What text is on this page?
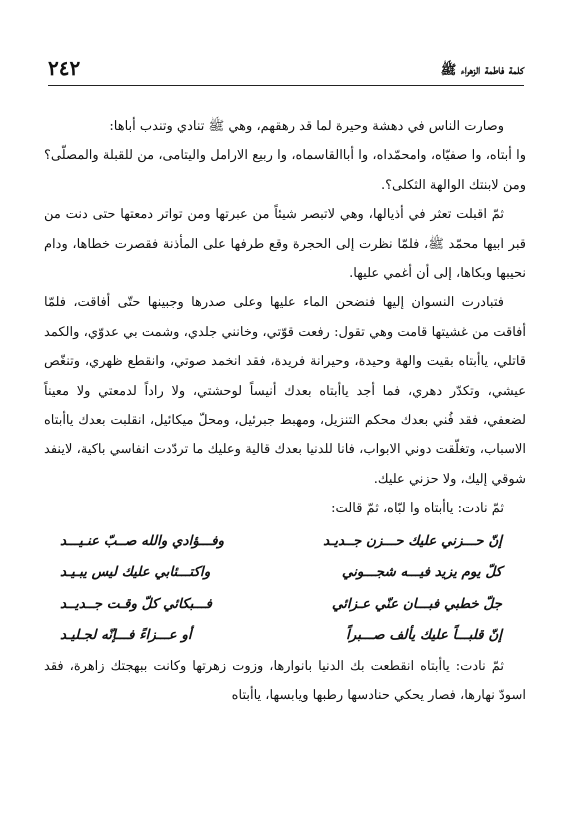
٢٤٢	كلمة فاطمة الزهراء ﷺ

وصارت الناس في دهشة وحيرة لما قد رهقهم، وهي ﷺ تنادي وتندب أباها:

وا أبتاه، وا صفيّاه، وامحمّداه، وا أباالقاسماه، وا ربيع الارامل واليتامى، من للقبلة والمصلّى؟ ومن لابنتك الوالهة الثكلى؟.

ثمّ اقبلت تعثر في أذيالها، وهي لاتبصر شيئاً من عبرتها ومن تواتر دمعتها حتى دنت من قبر ابيها محمّد ﷺ، فلمّا نظرت إلى الحجرة وقع طرفها على المأذنة فقصرت خطاها، ودام نحيبها وبكاها، إلى أن أغمي عليها.

فتبادرت النسوان إليها فنضحن الماء عليها وعلى صدرها وجبينها حتّى أفاقت، فلمّا أفاقت من غشيتها قامت وهي تقول: رفعت قوّتي، وخانني جلدي، وشمت بي عدوّي، والكمد قاتلي، ياأبتاه بقيت والهة وحيدة، وحيرانة فريدة، فقد انخمد صوتي، وانقطع ظهري، وتنغّص عيشي، وتكدّر دهري، فما أجد ياأبتاه بعدك أنيساً لوحشتي، ولا راداً لدمعتي ولا معيناً لضعفي، فقد فُني بعدك محكم التنزيل، ومهبط جبرئيل، ومحلّ ميكائيل، انقلبت بعدك ياأبتاه الاسباب، وتغلّقت دوني الابواب، فانا للدنيا بعدك قالية وعليك ما تردّدت انفاسي باكية، لاينفد شوقي إليك، ولا حزني عليك.

ثمّ نادت: ياأبتاه وا لبّاه، ثمّ قالت:

إنّ حـــزني عليك حـــزن جــديـد
وفـــؤادي والله صــبّ عنـيـــد
كلّ يوم يزيد فيـــه شجـــوني
واكتـــئابي عليك ليس يبـيـد
جلّ خطبي فبـــان عنّي عـزائي
فـــبكائي كلّ وقـت جــديــد
إنّ قلبـــاً عليك يألف صـــبراً
أو عـــزاءً فـــإنّه لجـليـد

ثمّ نادت: ياأبتاه انقطعت بك الدنيا بانوارها، وزوت زهرتها وكانت ببهجتك زاهرة، فقد اسودّ نهارها، فصار يحكي حنادسها رطبها ويابسها، ياأبتاه
